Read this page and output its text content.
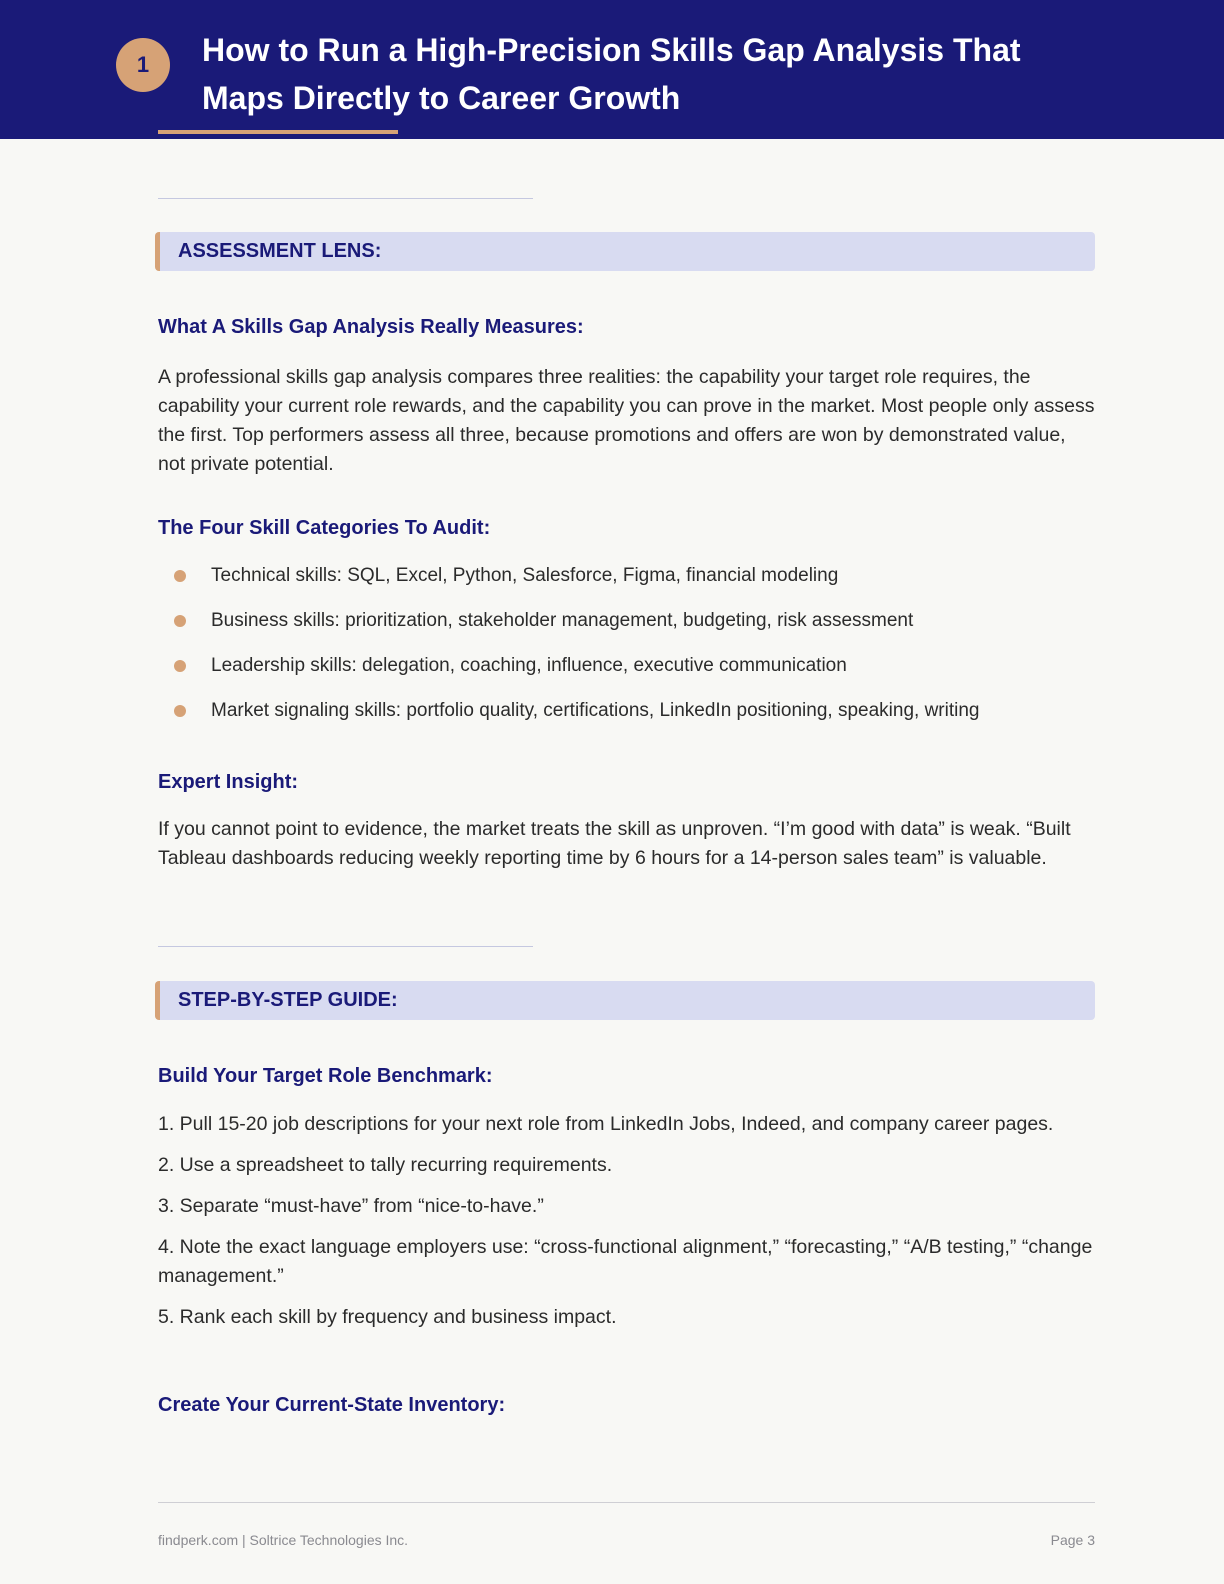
1	How to Run a High-Precision Skills Gap Analysis That Maps Directly to Career Growth
ASSESSMENT LENS:
What A Skills Gap Analysis Really Measures:

A professional skills gap analysis compares three realities: the capability your target role requires, the capability your current role rewards, and the capability you can prove in the market. Most people only assess the first. Top performers assess all three, because promotions and offers are won by demonstrated value, not private potential.

The Four Skill Categories To Audit:
Technical skills: SQL, Excel, Python, Salesforce, Figma, financial modeling
Business skills: prioritization, stakeholder management, budgeting, risk assessment
Leadership skills: delegation, coaching, influence, executive communication
Market signaling skills: portfolio quality, certifications, LinkedIn positioning, speaking, writing
Expert Insight:

If you cannot point to evidence, the market treats the skill as unproven. “I’m good with data” is weak. “Built Tableau dashboards reducing weekly reporting time by 6 hours for a 14-person sales team” is valuable.

STEP-BY-STEP GUIDE:
Build Your Target Role Benchmark:
1. Pull 15-20 job descriptions for your next role from LinkedIn Jobs, Indeed, and company career pages.
2. Use a spreadsheet to tally recurring requirements.
3. Separate “must-have” from “nice-to-have.”
4. Note the exact language employers use: “cross-functional alignment,” “forecasting,” “A/B testing,” “change management.”
5. Rank each skill by frequency and business impact.
Create Your Current-State Inventory:
findperk.com | Soltrice Technologies Inc.	Page 3
